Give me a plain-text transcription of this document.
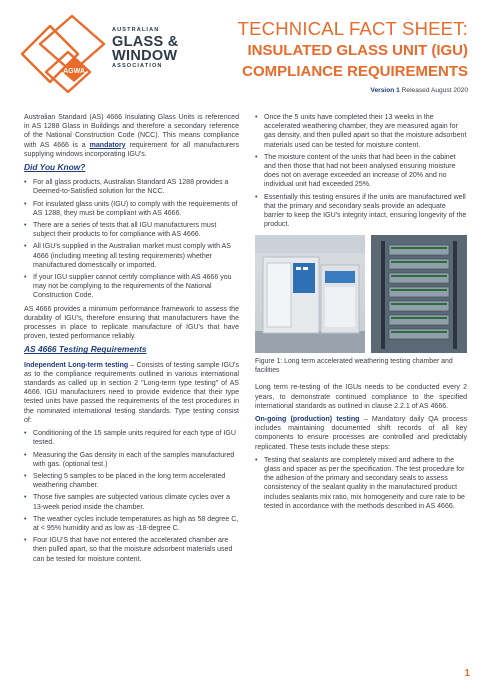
AGWA
AUSTRALIAN
GLASS &
WINDOW
ASSOCIATION
TECHNICAL FACT SHEET:
INSULATED GLASS UNIT (IGU)
COMPLIANCE REQUIREMENTS
Version 1 Released August 2020

Australian Standard (AS) 4666 Insulating Glass Units is referenced in AS 1288 Glass in Buildings and therefore a secondary reference of the National Construction Code (NCC). This means compliance with AS 4666 is a mandatory requirement for all manufacturers supplying windows incorporating IGU's.

Did You Know?
• For all glass products, Australian Standard AS 1288 provides a Deemed-to-Satisfied solution for the NCC.
• For insulated glass units (IGU) to comply with the requirements of AS 1288, they must be compliant with AS 4666.
• There are a series of tests that all IGU manufacturers must subject their products to for compliance with AS 4666.
• All IGU's supplied in the Australian market must comply with AS 4666 (including meeting all testing requirements) whether manufactured domestically or imported.
• If your IGU supplier cannot certify compliance with AS 4666 you may not be complying to the requirements of the National Construction Code.

AS 4666 provides a minimum performance framework to assess the durability of IGU's, therefore ensuring that manufacturers have the processes in place to replicate manufacture of IGU's that have proven, tested performance reliably.

AS 4666 Testing Requirements

Independent Long-term testing – Consists of testing sample IGU's as to the compliance requirements outlined in various international standards as called up in section 2 "Long-term type testing" of AS 4666. IGU manufacturers need to provide evidence that their type tested units have passed the requirements of the test procedures in the nominated international testing standards. Type testing consist of:

• Conditioning of the 15 sample units required for each type of IGU tested.
• Measuring the Gas density in each of the samples manufactured with gas. (optional test.)
• Selecting 5 samples to be placed in the long term accelerated weathering chamber.
• Those five samples are subjected various climate cycles over a 13-week period inside the chamber.
• The weather cycles include temperatures as high as 58 degree C, at < 95% humidity and as low as -18-degree C.
• Four IGU'S that have not entered the accelerated chamber are then pulled apart, so that the moisture adsorbent materials used can be tested for moisture content.
• Once the 5 units have completed their 13 weeks in the accelerated weathering chamber, they are measured again for gas density, and then pulled apart so that the moisture adsorbent materials used can be tested for moisture content.
• The moisture content of the units that had been in the cabinet and then those that had not been analysed ensuring moisture does not on average exceeded an increase of 20% and no individual unit had exceeded 25%.
• Essentially this testing ensures if the units are manufactured well that the primary and secondary seals provide an adequate barrier to keep the IGU's integrity intact, ensuring longevity of the product.
Figure 1: Long term accelerated weathering testing chamber and facilities

Long term re-testing of the IGUs needs to be conducted every 2 years, to demonstrate continued compliance to the specified international standards as outlined in clause 2.2.1 of AS 4666.

On-going (production) testing – Mandatory daily QA process includes maintaining documented shift records of all key components to ensure processes are controlled and predictably replicated. These tests include these steps:

• Testing that sealants are completely mixed and adhere to the glass and spacer as per the specification. The test procedure for the adhesion of the primary and secondary seals to assess consistency of the sealant quality in the manufactured product includes sealants mix ratio, mix homogeneity and cure rate to be tested in accordance with the methods described in AS 4666.
1
